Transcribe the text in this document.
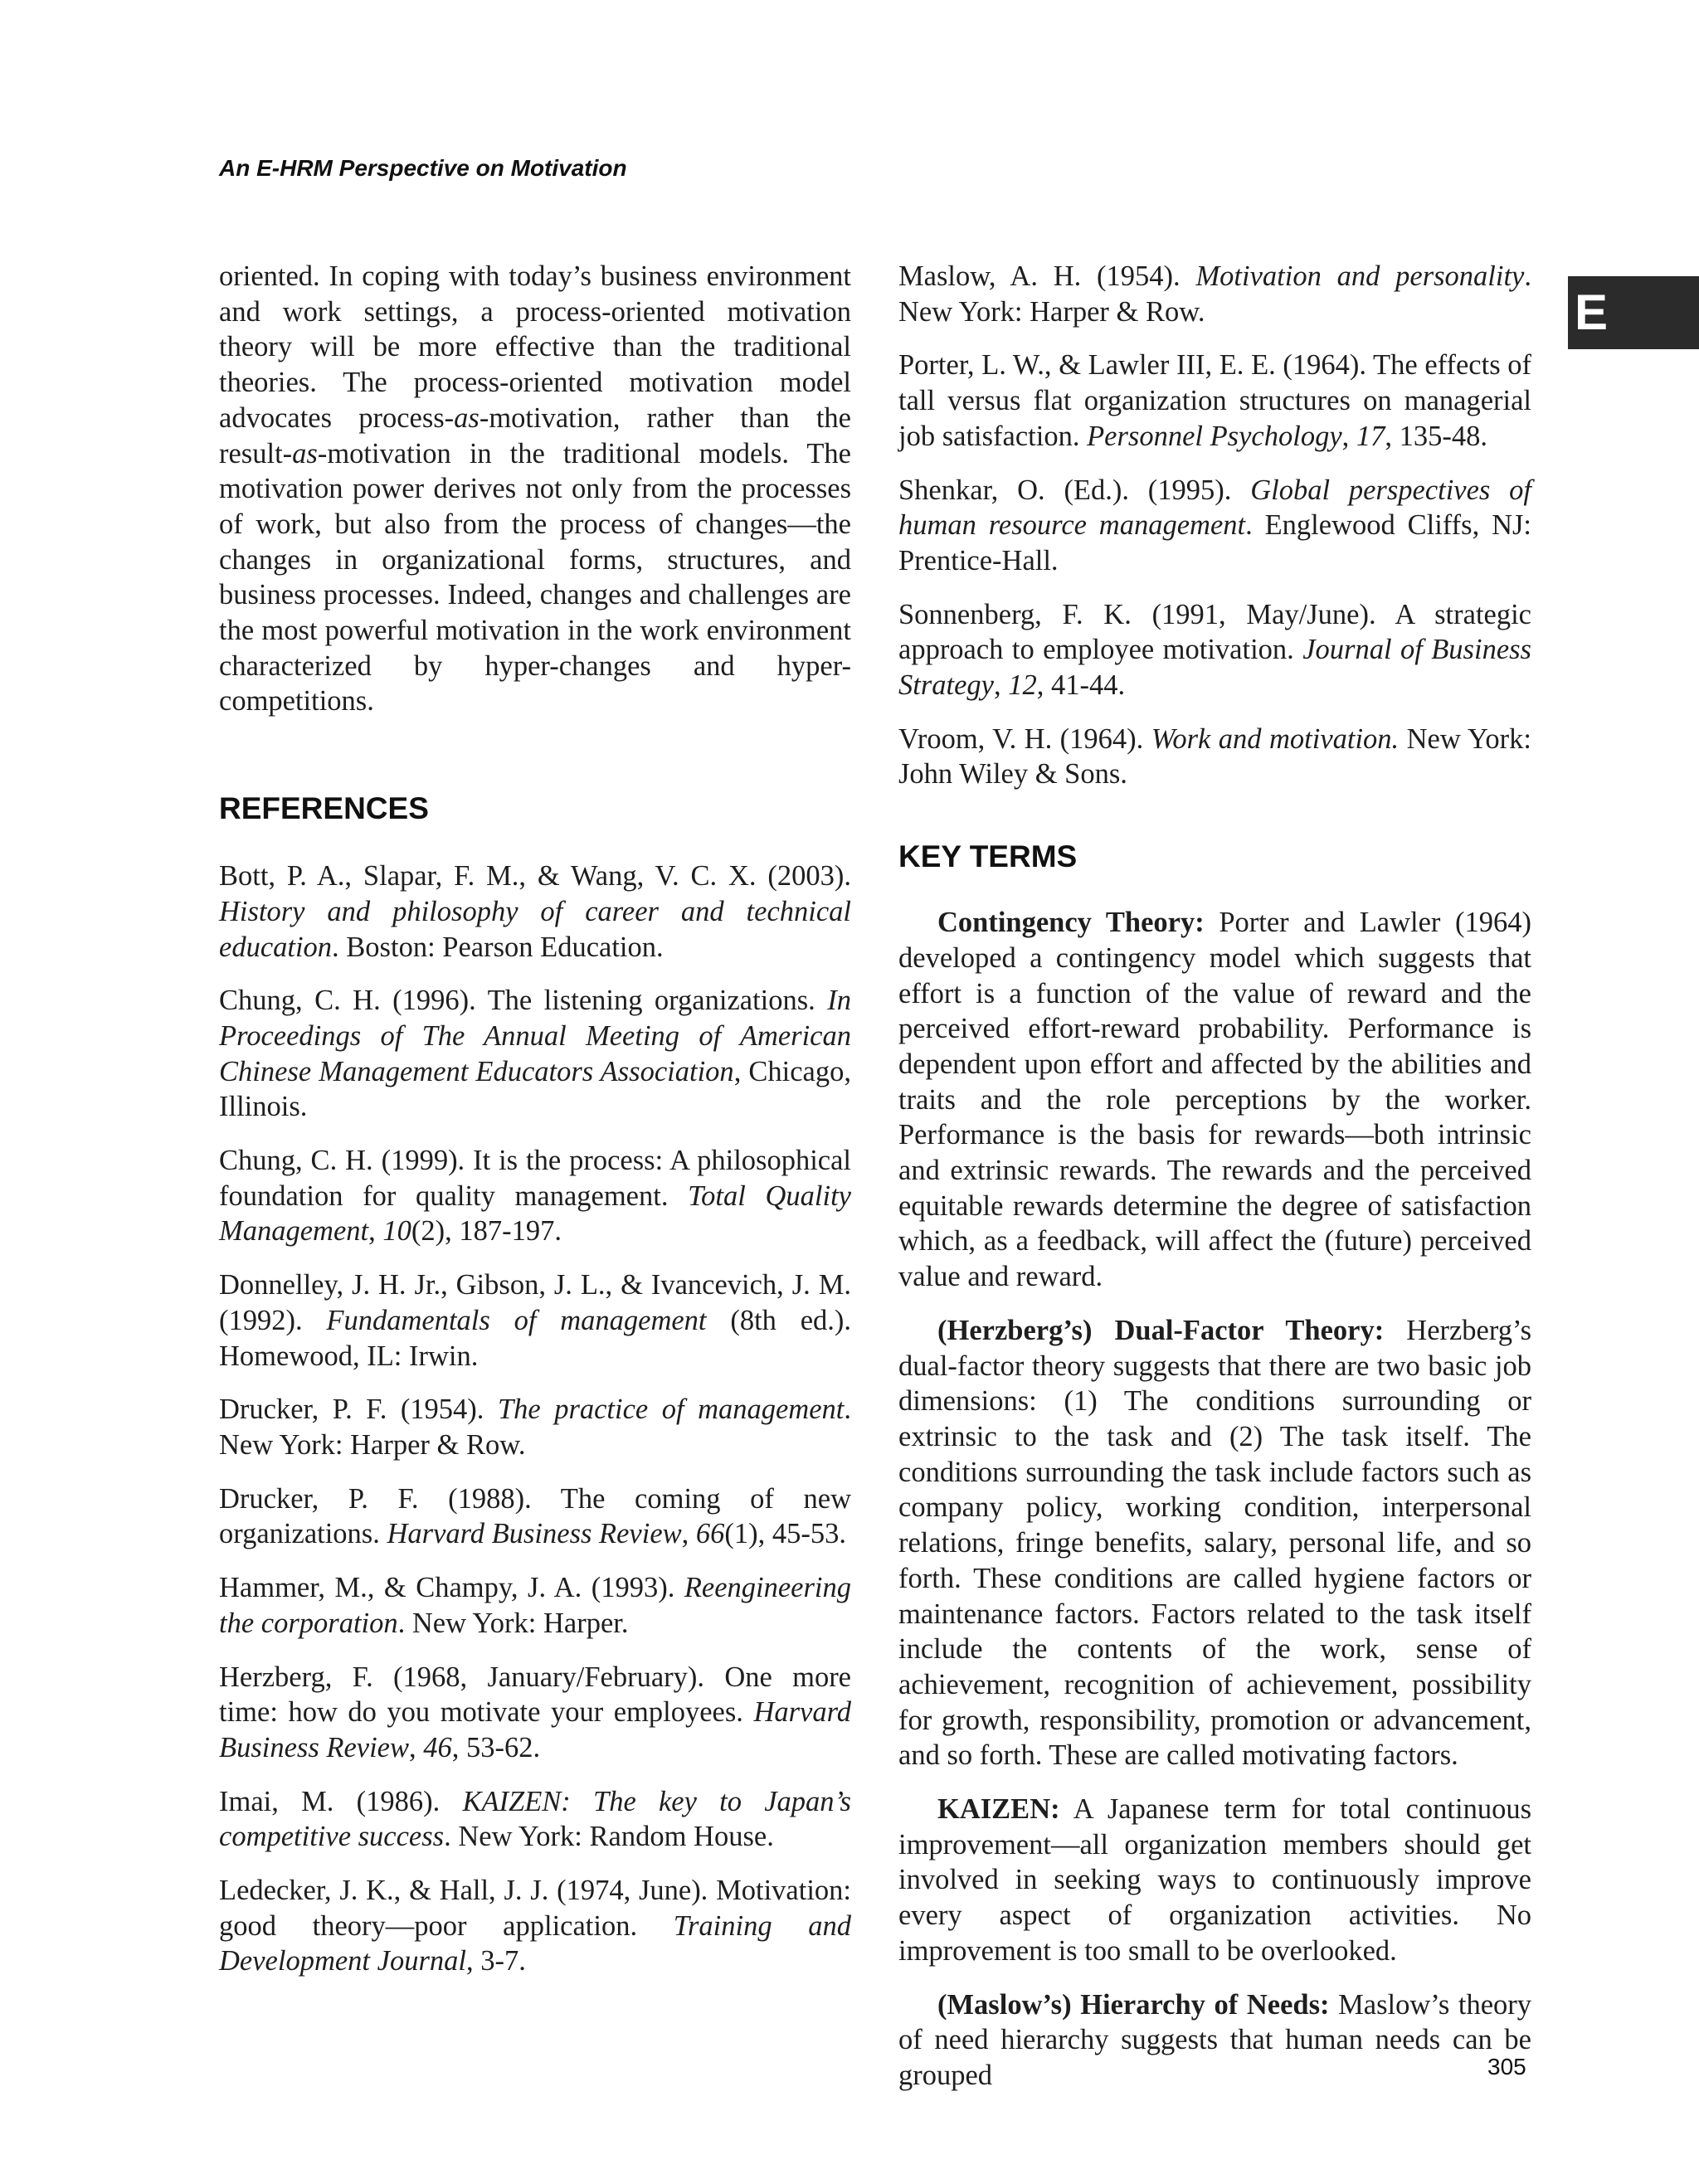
An E-HRM Perspective on Motivation
E

oriented. In coping with today’s business environment and work settings, a process-oriented motivation theory will be more effective than the traditional theories. The process-oriented motivation model advocates process-as-motivation, rather than the result-as-motivation in the traditional models. The motivation power derives not only from the processes of work, but also from the process of changes—the changes in organizational forms, structures, and business processes. Indeed, changes and challenges are the most powerful motivation in the work environment characterized by hyper-changes and hyper-competitions.

REFERENCES

Bott, P. A., Slapar, F. M., & Wang, V. C. X. (2003). History and philosophy of career and technical education. Boston: Pearson Education.

Chung, C. H. (1996). The listening organizations. In Proceedings of The Annual Meeting of American Chinese Management Educators Association, Chicago, Illinois.

Chung, C. H. (1999). It is the process: A philosophical foundation for quality management. Total Quality Management, 10(2), 187-197.

Donnelley, J. H. Jr., Gibson, J. L., & Ivancevich, J. M. (1992). Fundamentals of management (8th ed.). Homewood, IL: Irwin.

Drucker, P. F. (1954). The practice of management. New York: Harper & Row.

Drucker, P. F. (1988). The coming of new organizations. Harvard Business Review, 66(1), 45-53.

Hammer, M., & Champy, J. A. (1993). Reengineering the corporation. New York: Harper.

Herzberg, F. (1968, January/February). One more time: how do you motivate your employees. Harvard Business Review, 46, 53-62.

Imai, M. (1986). KAIZEN: The key to Japan’s competitive success. New York: Random House.

Ledecker, J. K., & Hall, J. J. (1974, June). Motivation: good theory—poor application. Training and Development Journal, 3-7.

Maslow, A. H. (1954). Motivation and personality. New York: Harper & Row.

Porter, L. W., & Lawler III, E. E. (1964). The effects of tall versus flat organization structures on managerial job satisfaction. Personnel Psychology, 17, 135-48.

Shenkar, O. (Ed.). (1995). Global perspectives of human resource management. Englewood Cliffs, NJ: Prentice-Hall.

Sonnenberg, F. K. (1991, May/June). A strategic approach to employee motivation. Journal of Business Strategy, 12, 41-44.

Vroom, V. H. (1964). Work and motivation. New York: John Wiley & Sons.

KEY TERMS

Contingency Theory: Porter and Lawler (1964) developed a contingency model which suggests that effort is a function of the value of reward and the perceived effort-reward probability. Performance is dependent upon effort and affected by the abilities and traits and the role perceptions by the worker. Performance is the basis for rewards—both intrinsic and extrinsic rewards. The rewards and the perceived equitable rewards determine the degree of satisfaction which, as a feedback, will affect the (future) perceived value and reward.

(Herzberg’s) Dual-Factor Theory: Herzberg’s dual-factor theory suggests that there are two basic job dimensions: (1) The conditions surrounding or extrinsic to the task and (2) The task itself. The conditions surrounding the task include factors such as company policy, working condition, interpersonal relations, fringe benefits, salary, personal life, and so forth. These conditions are called hygiene factors or maintenance factors. Factors related to the task itself include the contents of the work, sense of achievement, recognition of achievement, possibility for growth, responsibility, promotion or advancement, and so forth. These are called motivating factors.

KAIZEN: A Japanese term for total continuous improvement—all organization members should get involved in seeking ways to continuously improve every aspect of organization activities. No improvement is too small to be overlooked.

(Maslow’s) Hierarchy of Needs: Maslow’s theory of need hierarchy suggests that human needs can be grouped	305
